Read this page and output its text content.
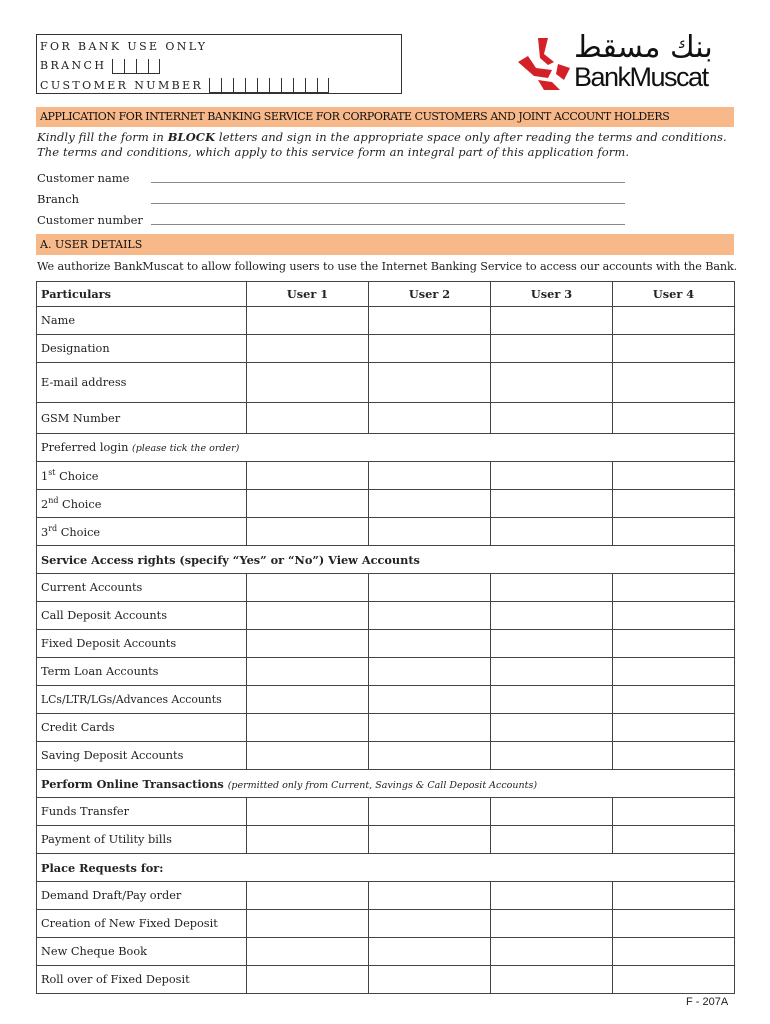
FOR BANK USE ONLY
BRANCH
CUSTOMER NUMBER
بنك مسقط
BankMuscat
APPLICATION FOR INTERNET BANKING SERVICE FOR CORPORATE CUSTOMERS AND JOINT ACCOUNT HOLDERS
Kindly fill the form in BLOCK letters and sign in the appropriate space only after reading the terms and conditions.
The terms and conditions, which apply to this service form an integral part of this application form.
Customer name
Branch
Customer number
A. USER DETAILS
We authorize BankMuscat to allow following users to use the Internet Banking Service to access our accounts with the Bank.
Particulars	User 1	User 2	User 3	User 4
Name				
Designation				
E-mail address				
GSM Number				
Preferred login (please tick the order)				
1st Choice				
2nd Choice				
3rd Choice				
Service Access rights (specify “Yes” or “No”) View Accounts				
Current Accounts				
Call Deposit Accounts				
Fixed Deposit Accounts				
Term Loan Accounts				
LCs/LTR/LGs/Advances Accounts				
Credit Cards				
Saving Deposit Accounts				
Perform Online Transactions (permitted only from Current, Savings & Call Deposit Accounts)				
Funds Transfer				
Payment of Utility bills				
Place Requests for:				
Demand Draft/Pay order				
Creation of New Fixed Deposit				
New Cheque Book				
Roll over of Fixed Deposit				
F - 207A
